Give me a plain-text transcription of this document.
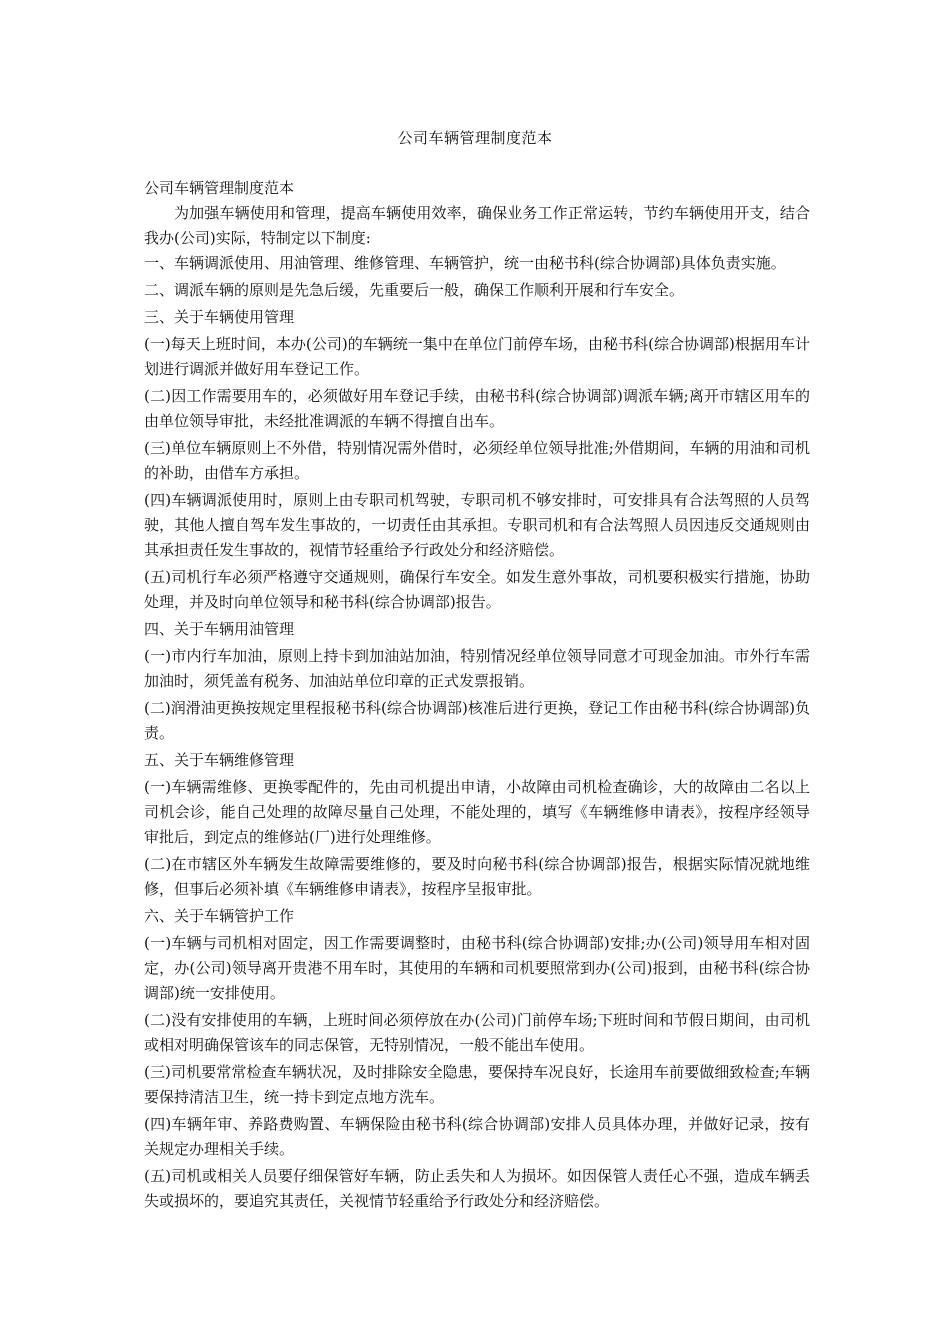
公司车辆管理制度范本

公司车辆管理制度范本

为加强车辆使用和管理，提高车辆使用效率，确保业务工作正常运转，节约车辆使用开支，结合我办(公司)实际，特制定以下制度:

一、车辆调派使用、用油管理、维修管理、车辆管护，统一由秘书科(综合协调部)具体负责实施。

二、调派车辆的原则是先急后缓，先重要后一般，确保工作顺利开展和行车安全。

三、关于车辆使用管理

(一)每天上班时间，本办(公司)的车辆统一集中在单位门前停车场，由秘书科(综合协调部)根据用车计划进行调派并做好用车登记工作。

(二)因工作需要用车的，必须做好用车登记手续，由秘书科(综合协调部)调派车辆;离开市辖区用车的由单位领导审批，未经批准调派的车辆不得擅自出车。

(三)单位车辆原则上不外借，特别情况需外借时，必须经单位领导批准;外借期间，车辆的用油和司机的补助，由借车方承担。

(四)车辆调派使用时，原则上由专职司机驾驶，专职司机不够安排时，可安排具有合法驾照的人员驾驶，其他人擅自驾车发生事故的，一切责任由其承担。专职司机和有合法驾照人员因违反交通规则由其承担责任发生事故的，视情节轻重给予行政处分和经济赔偿。

(五)司机行车必须严格遵守交通规则，确保行车安全。如发生意外事故，司机要积极实行措施，协助处理，并及时向单位领导和秘书科(综合协调部)报告。

四、关于车辆用油管理

(一)市内行车加油，原则上持卡到加油站加油，特别情况经单位领导同意才可现金加油。市外行车需加油时，须凭盖有税务、加油站单位印章的正式发票报销。

(二)润滑油更换按规定里程报秘书科(综合协调部)核准后进行更换，登记工作由秘书科(综合协调部)负责。

五、关于车辆维修管理

(一)车辆需维修、更换零配件的，先由司机提出申请，小故障由司机检查确诊，大的故障由二名以上司机会诊，能自己处理的故障尽量自己处理，不能处理的，填写《车辆维修申请表》，按程序经领导审批后，到定点的维修站(厂)进行处理维修。

(二)在市辖区外车辆发生故障需要维修的，要及时向秘书科(综合协调部)报告，根据实际情况就地维修，但事后必须补填《车辆维修申请表》，按程序呈报审批。

六、关于车辆管护工作

(一)车辆与司机相对固定，因工作需要调整时，由秘书科(综合协调部)安排;办(公司)领导用车相对固定，办(公司)领导离开贵港不用车时，其使用的车辆和司机要照常到办(公司)报到，由秘书科(综合协调部)统一安排使用。

(二)没有安排使用的车辆，上班时间必须停放在办(公司)门前停车场;下班时间和节假日期间，由司机或相对明确保管该车的同志保管，无特别情况，一般不能出车使用。

(三)司机要常常检查车辆状况，及时排除安全隐患，要保持车况良好，长途用车前要做细致检查;车辆要保持清洁卫生，统一持卡到定点地方洗车。

(四)车辆年审、养路费购置、车辆保险由秘书科(综合协调部)安排人员具体办理，并做好记录，按有关规定办理相关手续。

(五)司机或相关人员要仔细保管好车辆，防止丢失和人为损坏。如因保管人责任心不强，造成车辆丢失或损坏的，要追究其责任，关视情节轻重给予行政处分和经济赔偿。
